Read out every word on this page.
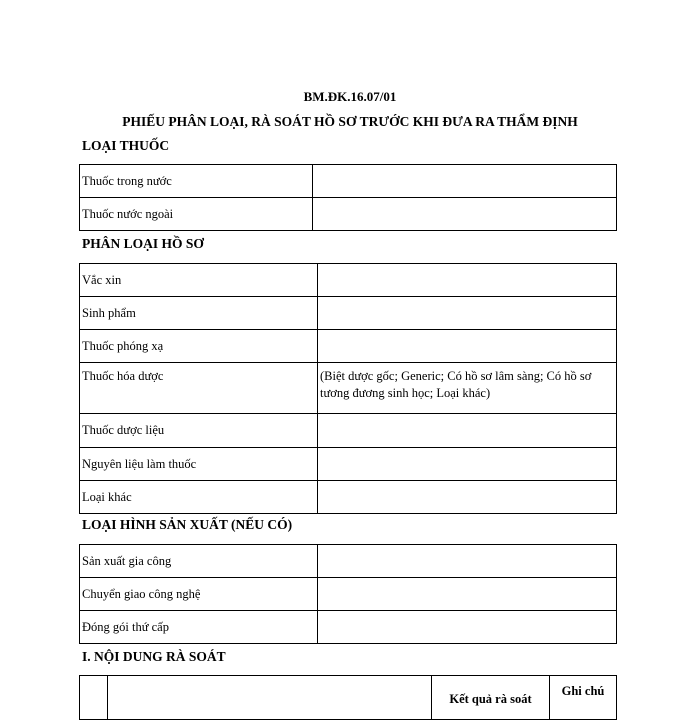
BM.ĐK.16.07/01
PHIẾU PHÂN LOẠI, RÀ SOÁT HỒ SƠ TRƯỚC KHI ĐƯA RA THẨM ĐỊNH
LOẠI THUỐC
Thuốc trong nước	
Thuốc nước ngoài	
PHÂN LOẠI HỒ SƠ
Vắc xin	
Sinh phẩm	
Thuốc phóng xạ	
Thuốc hóa dược	(Biệt dược gốc; Generic; Có hồ sơ lâm sàng; Có hồ sơ tương đương sinh học; Loại khác)
Thuốc dược liệu	
Nguyên liệu làm thuốc	
Loại khác	
LOẠI HÌNH SẢN XUẤT (NẾU CÓ)
Sản xuất gia công	
Chuyển giao công nghệ	
Đóng gói thứ cấp	
I. NỘI DUNG RÀ SOÁT
		Kết quả rà soát	Ghi chú
